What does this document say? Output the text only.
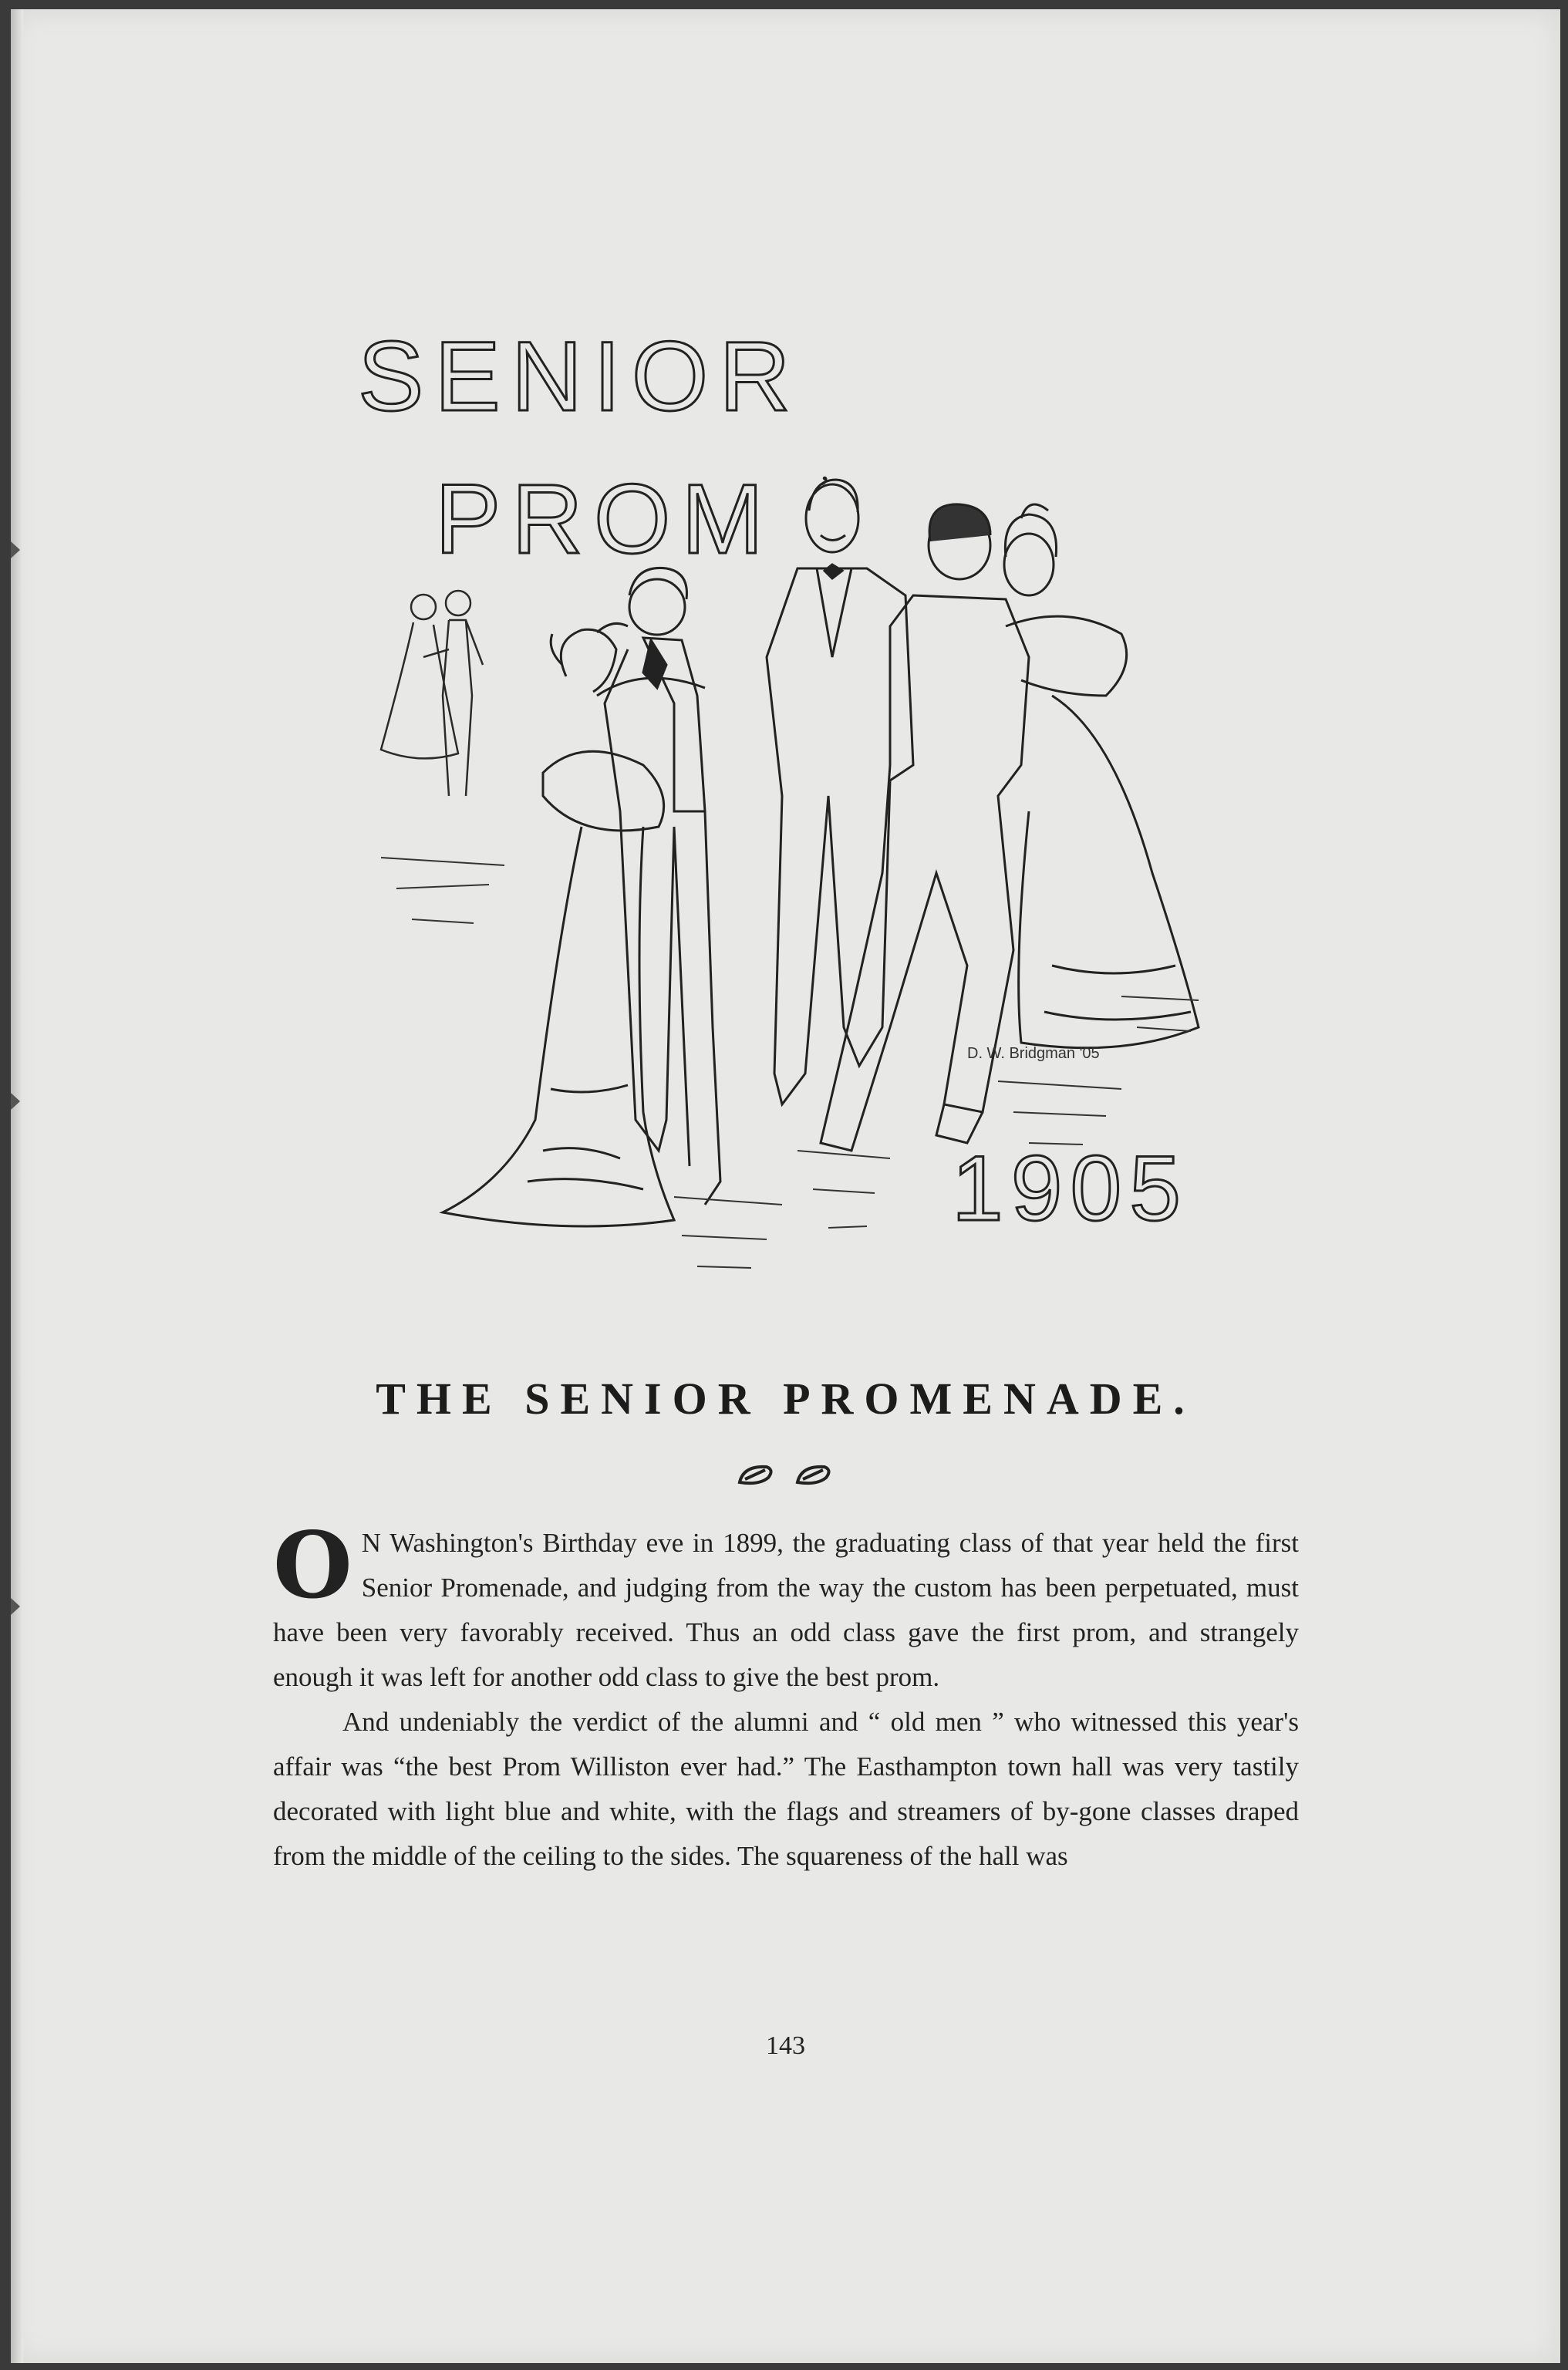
SENIOR
PROM ’
D. W. Bridgman '05
1905
THE SENIOR PROMENADE.

O N Washington's Birthday eve in 1899, the graduating class of that year held the first Senior Promenade, and judging from the way the custom has been perpetuated, must have been very favorably received. Thus an odd class gave the first prom, and strangely enough it was left for another odd class to give the best prom.

And undeniably the verdict of the alumni and “ old men ” who witnessed this year's affair was “the best Prom Williston ever had.” The Easthampton town hall was very tastily decorated with light blue and white, with the flags and streamers of by-gone classes draped from the middle of the ceiling to the sides. The squareness of the hall was

143
